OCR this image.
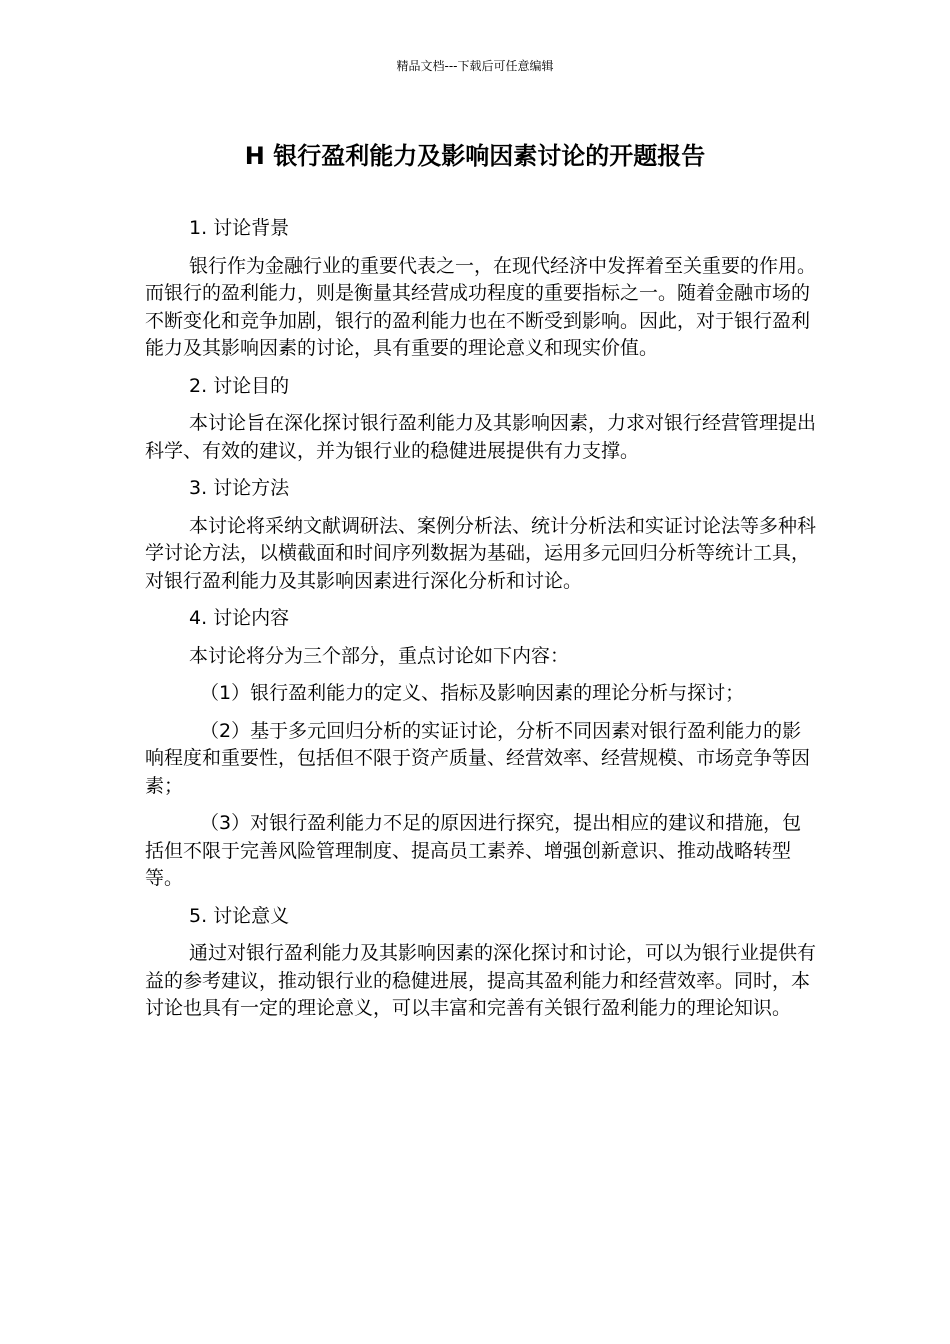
精品文档---下载后可任意编辑
H 银行盈利能力及影响因素讨论的开题报告

1. 讨论背景

银行作为金融行业的重要代表之一，在现代经济中发挥着至关重要的作用。而银行的盈利能力，则是衡量其经营成功程度的重要指标之一。随着金融市场的不断变化和竞争加剧，银行的盈利能力也在不断受到影响。因此，对于银行盈利能力及其影响因素的讨论，具有重要的理论意义和现实价值。

2. 讨论目的

本讨论旨在深化探讨银行盈利能力及其影响因素，力求对银行经营管理提出科学、有效的建议，并为银行业的稳健进展提供有力支撑。

3. 讨论方法

本讨论将采纳文献调研法、案例分析法、统计分析法和实证讨论法等多种科学讨论方法，以横截面和时间序列数据为基础，运用多元回归分析等统计工具，对银行盈利能力及其影响因素进行深化分析和讨论。

4. 讨论内容

本讨论将分为三个部分，重点讨论如下内容：

（1）银行盈利能力的定义、指标及影响因素的理论分析与探讨；

（2）基于多元回归分析的实证讨论，分析不同因素对银行盈利能力的影响程度和重要性，包括但不限于资产质量、经营效率、经营规模、市场竞争等因素；

（3）对银行盈利能力不足的原因进行探究，提出相应的建议和措施，包括但不限于完善风险管理制度、提高员工素养、增强创新意识、推动战略转型等。

5. 讨论意义

通过对银行盈利能力及其影响因素的深化探讨和讨论，可以为银行业提供有益的参考建议，推动银行业的稳健进展，提高其盈利能力和经营效率。同时，本讨论也具有一定的理论意义，可以丰富和完善有关银行盈利能力的理论知识。
